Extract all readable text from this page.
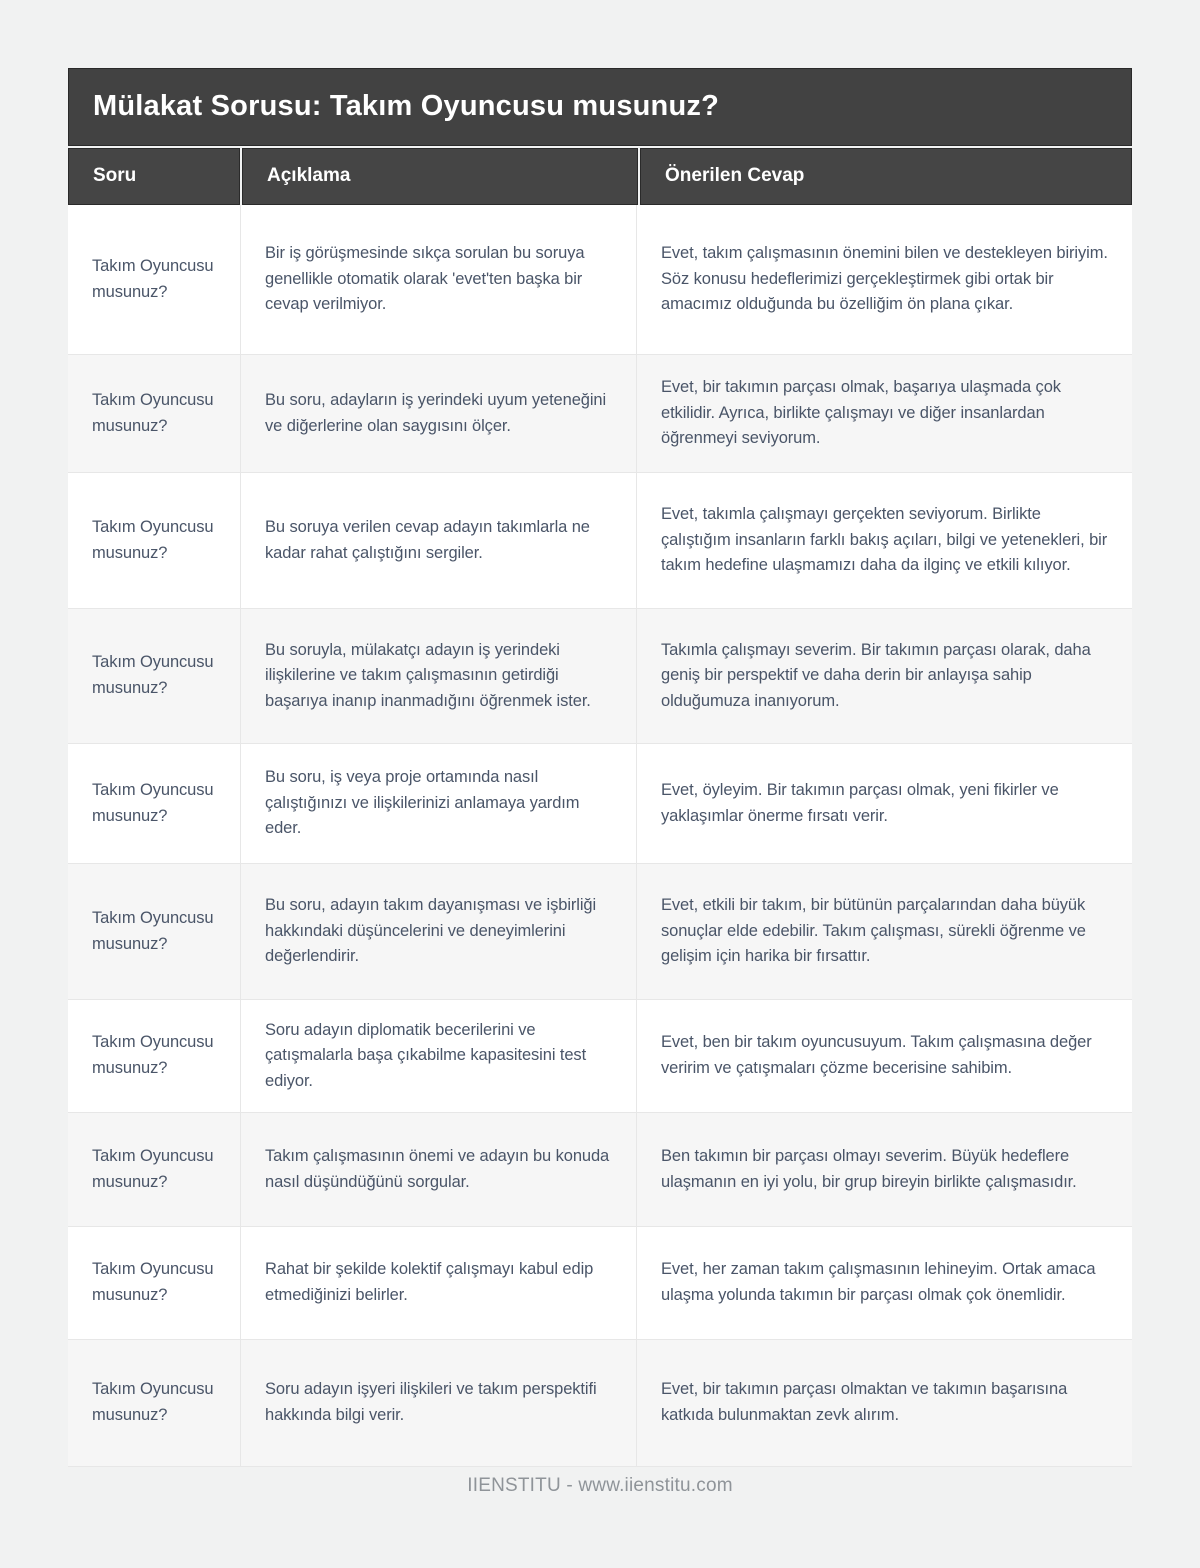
Mülakat Sorusu: Takım Oyuncusu musunuz?
Soru	Açıklama	Önerilen Cevap
Takım Oyuncusu musunuz?
Bir iş görüşmesinde sıkça sorulan bu soruya genellikle otomatik olarak 'evet'ten başka bir cevap verilmiyor.
Evet, takım çalışmasının önemini bilen ve destekleyen biriyim. Söz konusu hedeflerimizi gerçekleştirmek gibi ortak bir amacımız olduğunda bu özelliğim ön plana çıkar.
Takım Oyuncusu musunuz?
Bu soru, adayların iş yerindeki uyum yeteneğini ve diğerlerine olan saygısını ölçer.
Evet, bir takımın parçası olmak, başarıya ulaşmada çok etkilidir. Ayrıca, birlikte çalışmayı ve diğer insanlardan öğrenmeyi seviyorum.
Takım Oyuncusu musunuz?
Bu soruya verilen cevap adayın takımlarla ne kadar rahat çalıştığını sergiler.
Evet, takımla çalışmayı gerçekten seviyorum. Birlikte çalıştığım insanların farklı bakış açıları, bilgi ve yetenekleri, bir takım hedefine ulaşmamızı daha da ilginç ve etkili kılıyor.
Takım Oyuncusu musunuz?
Bu soruyla, mülakatçı adayın iş yerindeki ilişkilerine ve takım çalışmasının getirdiği başarıya inanıp inanmadığını öğrenmek ister.
Takımla çalışmayı severim. Bir takımın parçası olarak, daha geniş bir perspektif ve daha derin bir anlayışa sahip olduğumuza inanıyorum.
Takım Oyuncusu musunuz?
Bu soru, iş veya proje ortamında nasıl çalıştığınızı ve ilişkilerinizi anlamaya yardım eder.
Evet, öyleyim. Bir takımın parçası olmak, yeni fikirler ve yaklaşımlar önerme fırsatı verir.
Takım Oyuncusu musunuz?
Bu soru, adayın takım dayanışması ve işbirliği hakkındaki düşüncelerini ve deneyimlerini değerlendirir.
Evet, etkili bir takım, bir bütünün parçalarından daha büyük sonuçlar elde edebilir. Takım çalışması, sürekli öğrenme ve gelişim için harika bir fırsattır.
Takım Oyuncusu musunuz?
Soru adayın diplomatik becerilerini ve çatışmalarla başa çıkabilme kapasitesini test ediyor.
Evet, ben bir takım oyuncusuyum. Takım çalışmasına değer veririm ve çatışmaları çözme becerisine sahibim.
Takım Oyuncusu musunuz?
Takım çalışmasının önemi ve adayın bu konuda nasıl düşündüğünü sorgular.
Ben takımın bir parçası olmayı severim. Büyük hedeflere ulaşmanın en iyi yolu, bir grup bireyin birlikte çalışmasıdır.
Takım Oyuncusu musunuz?
Rahat bir şekilde kolektif çalışmayı kabul edip etmediğinizi belirler.
Evet, her zaman takım çalışmasının lehineyim. Ortak amaca ulaşma yolunda takımın bir parçası olmak çok önemlidir.
Takım Oyuncusu musunuz?
Soru adayın işyeri ilişkileri ve takım perspektifi hakkında bilgi verir.
Evet, bir takımın parçası olmaktan ve takımın başarısına katkıda bulunmaktan zevk alırım.
IIENSTITU - www.iienstitu.com
